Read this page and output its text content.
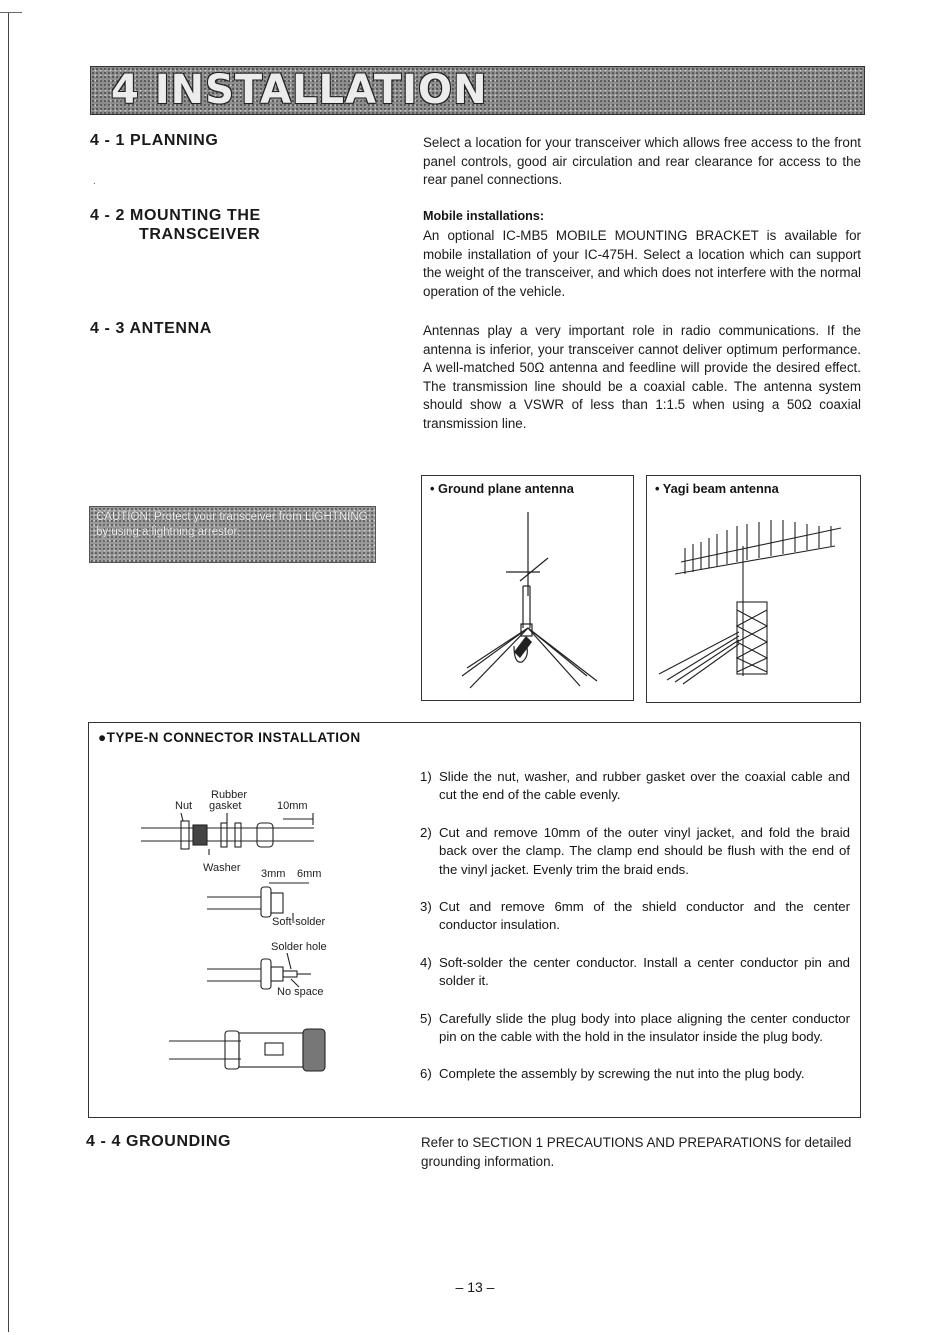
4 INSTALLATION
4 - 1 PLANNING	Select a location for your transceiver which allows free access to the front panel controls, good air circulation and rear clearance for access to the rear panel connections.
.
4 - 2 MOUNTING THE
TRANSCEIVER
Mobile installations:
An optional IC-MB5 MOBILE MOUNTING BRACKET is available for mobile installation of your IC-475H. Select a location which can support the weight of the transceiver, and which does not interfere with the normal operation of the vehicle.
4 - 3 ANTENNA	Antennas play a very important role in radio communications. If the antenna is inferior, your transceiver cannot deliver optimum performance. A well-matched 50Ω antenna and feedline will provide the desired effect. The transmission line should be a coaxial cable. The antenna system should show a VSWR of less than 1:1.5 when using a 50Ω coaxial transmission line.
CAUTION: Protect your transceiver from LIGHTNING by using a lightning arrestor.
• Ground plane antenna	• Yagi beam antenna
●TYPE-N CONNECTOR INSTALLATION
Rubber
Nut gasket	10mm
Washer 3mm 6mm
Soft-solder
Solder hole
No space
1) Slide the nut, washer, and rubber gasket over the coaxial cable and cut the end of the cable evenly.
2) Cut and remove 10mm of the outer vinyl jacket, and fold the braid back over the clamp. The clamp end should be flush with the end of the vinyl jacket. Evenly trim the braid ends.
3) Cut and remove 6mm of the shield conductor and the center conductor insulation.
4) Soft-solder the center conductor. Install a center conductor pin and solder it.
5) Carefully slide the plug body into place aligning the center conductor pin on the cable with the hold in the insulator inside the plug body.
6) Complete the assembly by screwing the nut into the plug body.
4 - 4 GROUNDING	Refer to SECTION 1 PRECAUTIONS AND PREPARATIONS for detailed grounding information.
– 13 –
